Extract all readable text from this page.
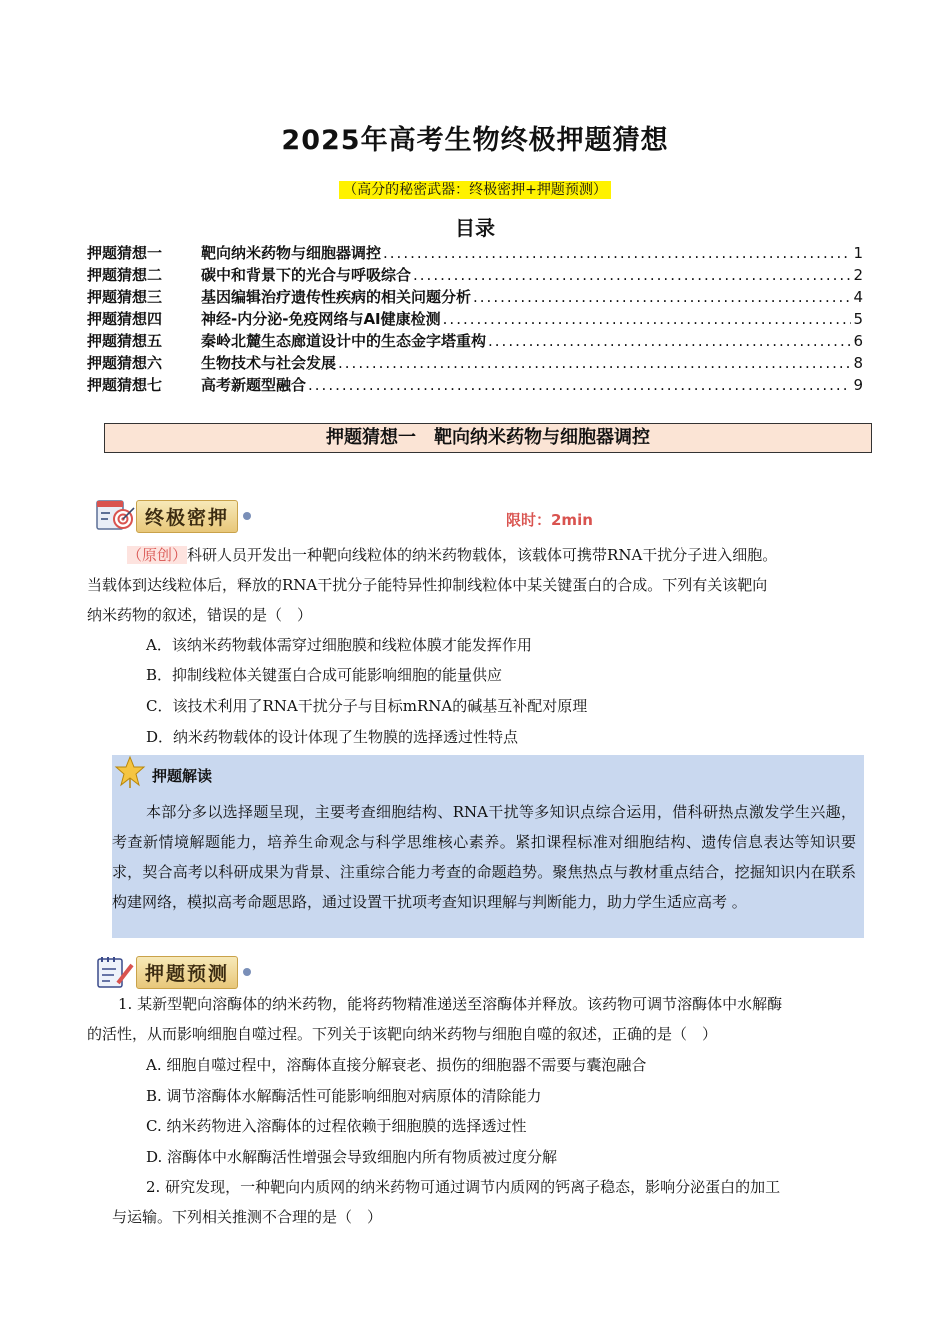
2025年高考生物终极押题猜想
（高分的秘密武器：终极密押+押题预测）
目录
押题猜想一	靶向纳米药物与细胞器调控 .....	1
押题猜想二	碳中和背景下的光合与呼吸综合 .....	2
押题猜想三	基因编辑治疗遗传性疾病的相关问题分析 .....	4
押题猜想四	神经-内分泌-免疫网络与AI健康检测 .....	5
押题猜想五	秦岭北麓生态廊道设计中的生态金字塔重构 .....	6
押题猜想六	生物技术与社会发展 .....	8
押题猜想七	高考新题型融合 .....	9
押题猜想一　靶向纳米药物与细胞器调控
终极密押	限时：2min
（原创）科研人员开发出一种靶向线粒体的纳米药物载体，该载体可携带RNA干扰分子进入细胞。
当载体到达线粒体后，释放的RNA干扰分子能特异性抑制线粒体中某关键蛋白的合成。下列有关该靶向
纳米药物的叙述，错误的是（　）
A．该纳米药物载体需穿过细胞膜和线粒体膜才能发挥作用
B．抑制线粒体关键蛋白合成可能影响细胞的能量供应
C．该技术利用了RNA干扰分子与目标mRNA的碱基互补配对原理
D．纳米药物载体的设计体现了生物膜的选择透过性特点
押题解读
本部分多以选择题呈现，主要考查细胞结构、RNA干扰等多知识点综合运用，借科研热点激发学生兴趣，考查新情境解题能力，培养生命观念与科学思维核心素养。紧扣课程标准对细胞结构、遗传信息表达等知识要求，契合高考以科研成果为背景、注重综合能力考查的命题趋势。聚焦热点与教材重点结合，挖掘知识内在联系构建网络，模拟高考命题思路，通过设置干扰项考查知识理解与判断能力，助力学生适应高考 。
押题预测
1. 某新型靶向溶酶体的纳米药物，能将药物精准递送至溶酶体并释放。该药物可调节溶酶体中水解酶
的活性，从而影响细胞自噬过程。下列关于该靶向纳米药物与细胞自噬的叙述，正确的是（　）
A. 细胞自噬过程中，溶酶体直接分解衰老、损伤的细胞器不需要与囊泡融合
B. 调节溶酶体水解酶活性可能影响细胞对病原体的清除能力
C. 纳米药物进入溶酶体的过程依赖于细胞膜的选择透过性
D. 溶酶体中水解酶活性增强会导致细胞内所有物质被过度分解
2. 研究发现，一种靶向内质网的纳米药物可通过调节内质网的钙离子稳态，影响分泌蛋白的加工
与运输。下列相关推测不合理的是（　）
